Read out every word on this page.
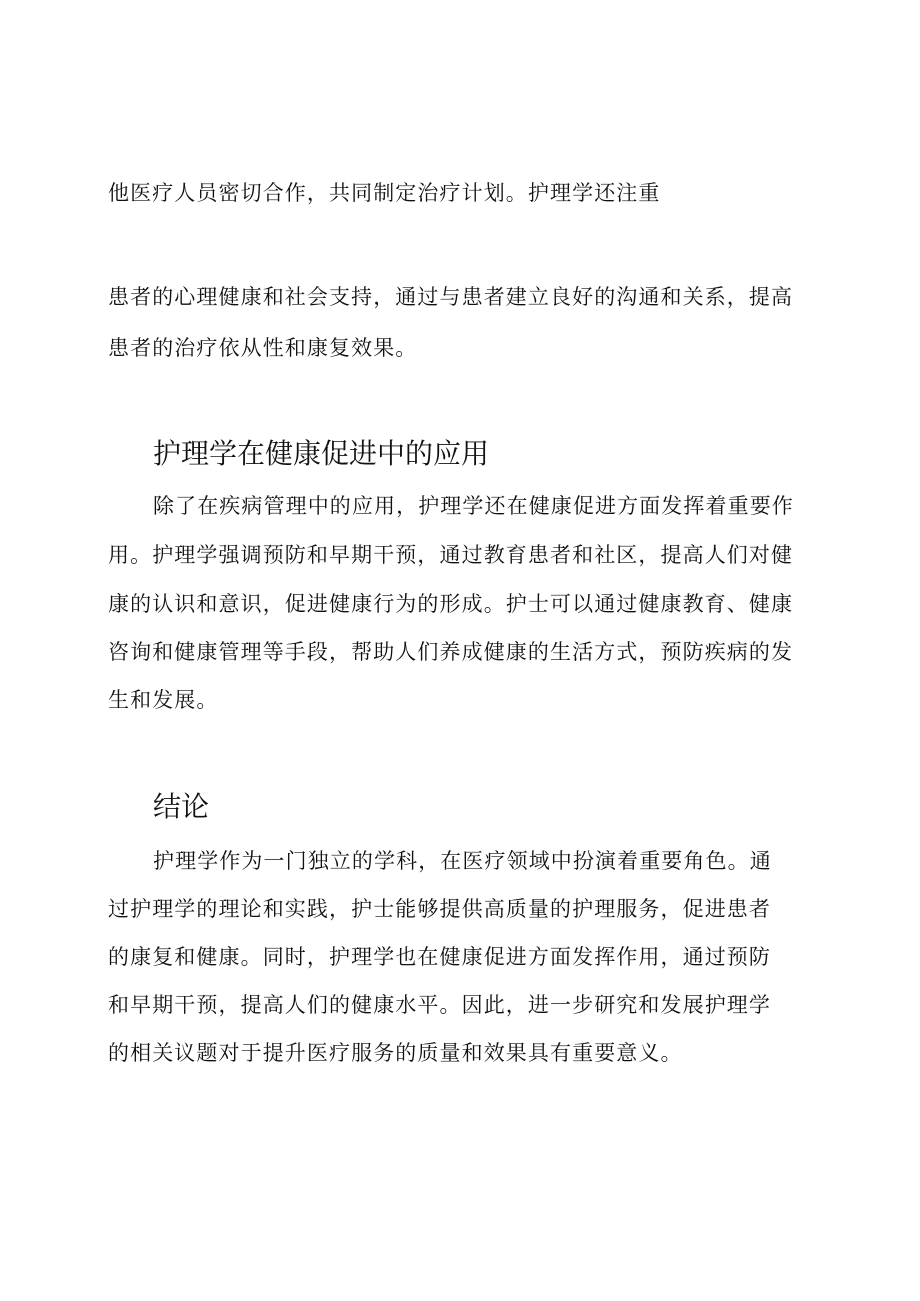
他医疗人员密切合作，共同制定治疗计划。护理学还注重
患者的心理健康和社会支持，通过与患者建立良好的沟通和关系，提高
患者的治疗依从性和康复效果。
护理学在健康促进中的应用
除了在疾病管理中的应用，护理学还在健康促进方面发挥着重要作
用。护理学强调预防和早期干预，通过教育患者和社区，提高人们对健
康的认识和意识，促进健康行为的形成。护士可以通过健康教育、健康
咨询和健康管理等手段，帮助人们养成健康的生活方式，预防疾病的发
生和发展。
结论
护理学作为一门独立的学科，在医疗领域中扮演着重要角色。通
过护理学的理论和实践，护士能够提供高质量的护理服务，促进患者
的康复和健康。同时，护理学也在健康促进方面发挥作用，通过预防
和早期干预，提高人们的健康水平。因此，进一步研究和发展护理学
的相关议题对于提升医疗服务的质量和效果具有重要意义。
